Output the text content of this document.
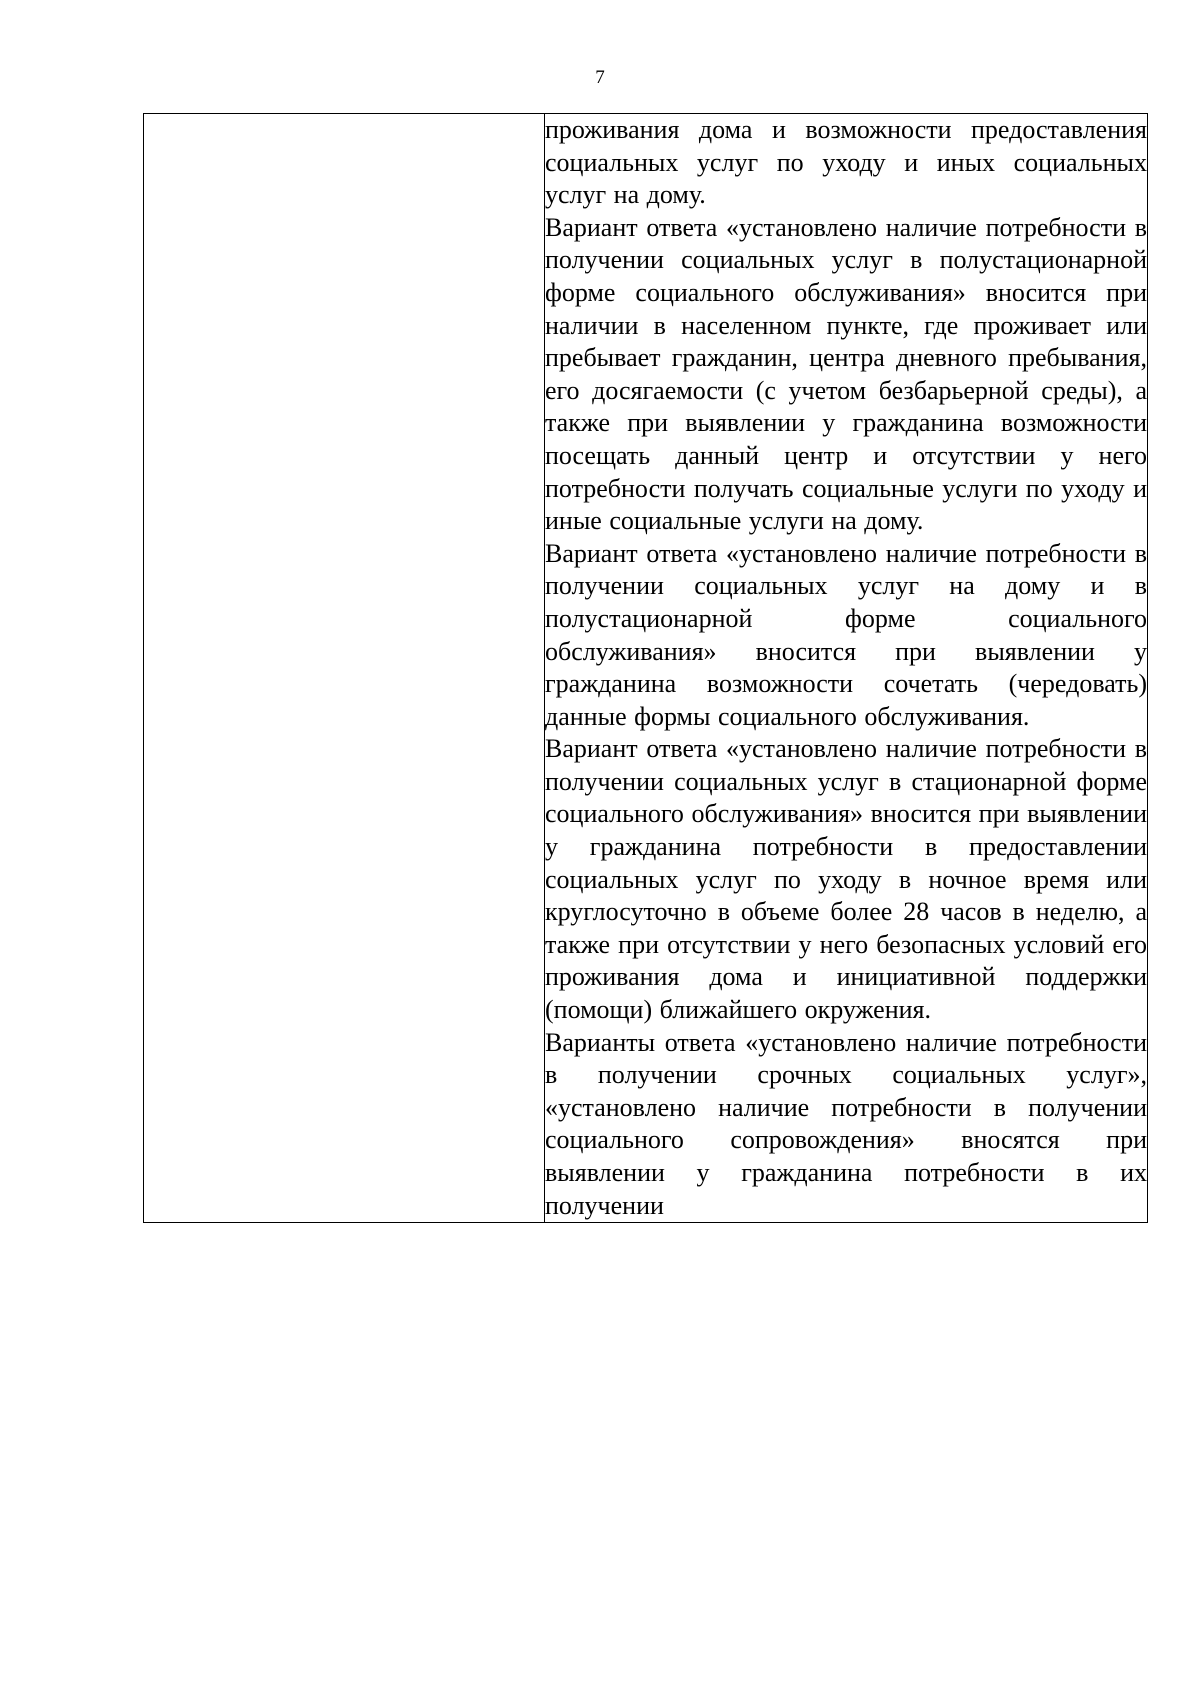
7

проживания дома и возможности предоставления социальных услуг по уходу и иных социальных услуг на дому.

Вариант ответа «установлено наличие потребности в получении социальных услуг в полустационарной форме социального обслуживания» вносится при наличии в населенном пункте, где проживает или пребывает гражданин, центра дневного пребывания, его досягаемости (с учетом безбарьерной среды), а также при выявлении у гражданина возможности посещать данный центр и отсутствии у него потребности получать социальные услуги по уходу и иные социальные услуги на дому.

Вариант ответа «установлено наличие потребности в получении социальных услуг на дому и в полустационарной форме социального обслуживания» вносится при выявлении у гражданина возможности сочетать (чередовать) данные формы социального обслуживания.

Вариант ответа «установлено наличие потребности в получении социальных услуг в стационарной форме социального обслуживания» вносится при выявлении у гражданина потребности в предоставлении социальных услуг по уходу в ночное время или круглосуточно в объеме более 28 часов в неделю, а также при отсутствии у него безопасных условий его проживания дома и инициативной поддержки (помощи) ближайшего окружения.

Варианты ответа «установлено наличие потребности в получении срочных социальных услуг», «установлено наличие потребности в получении социального сопровождения» вносятся при выявлении у гражданина потребности в их получении
